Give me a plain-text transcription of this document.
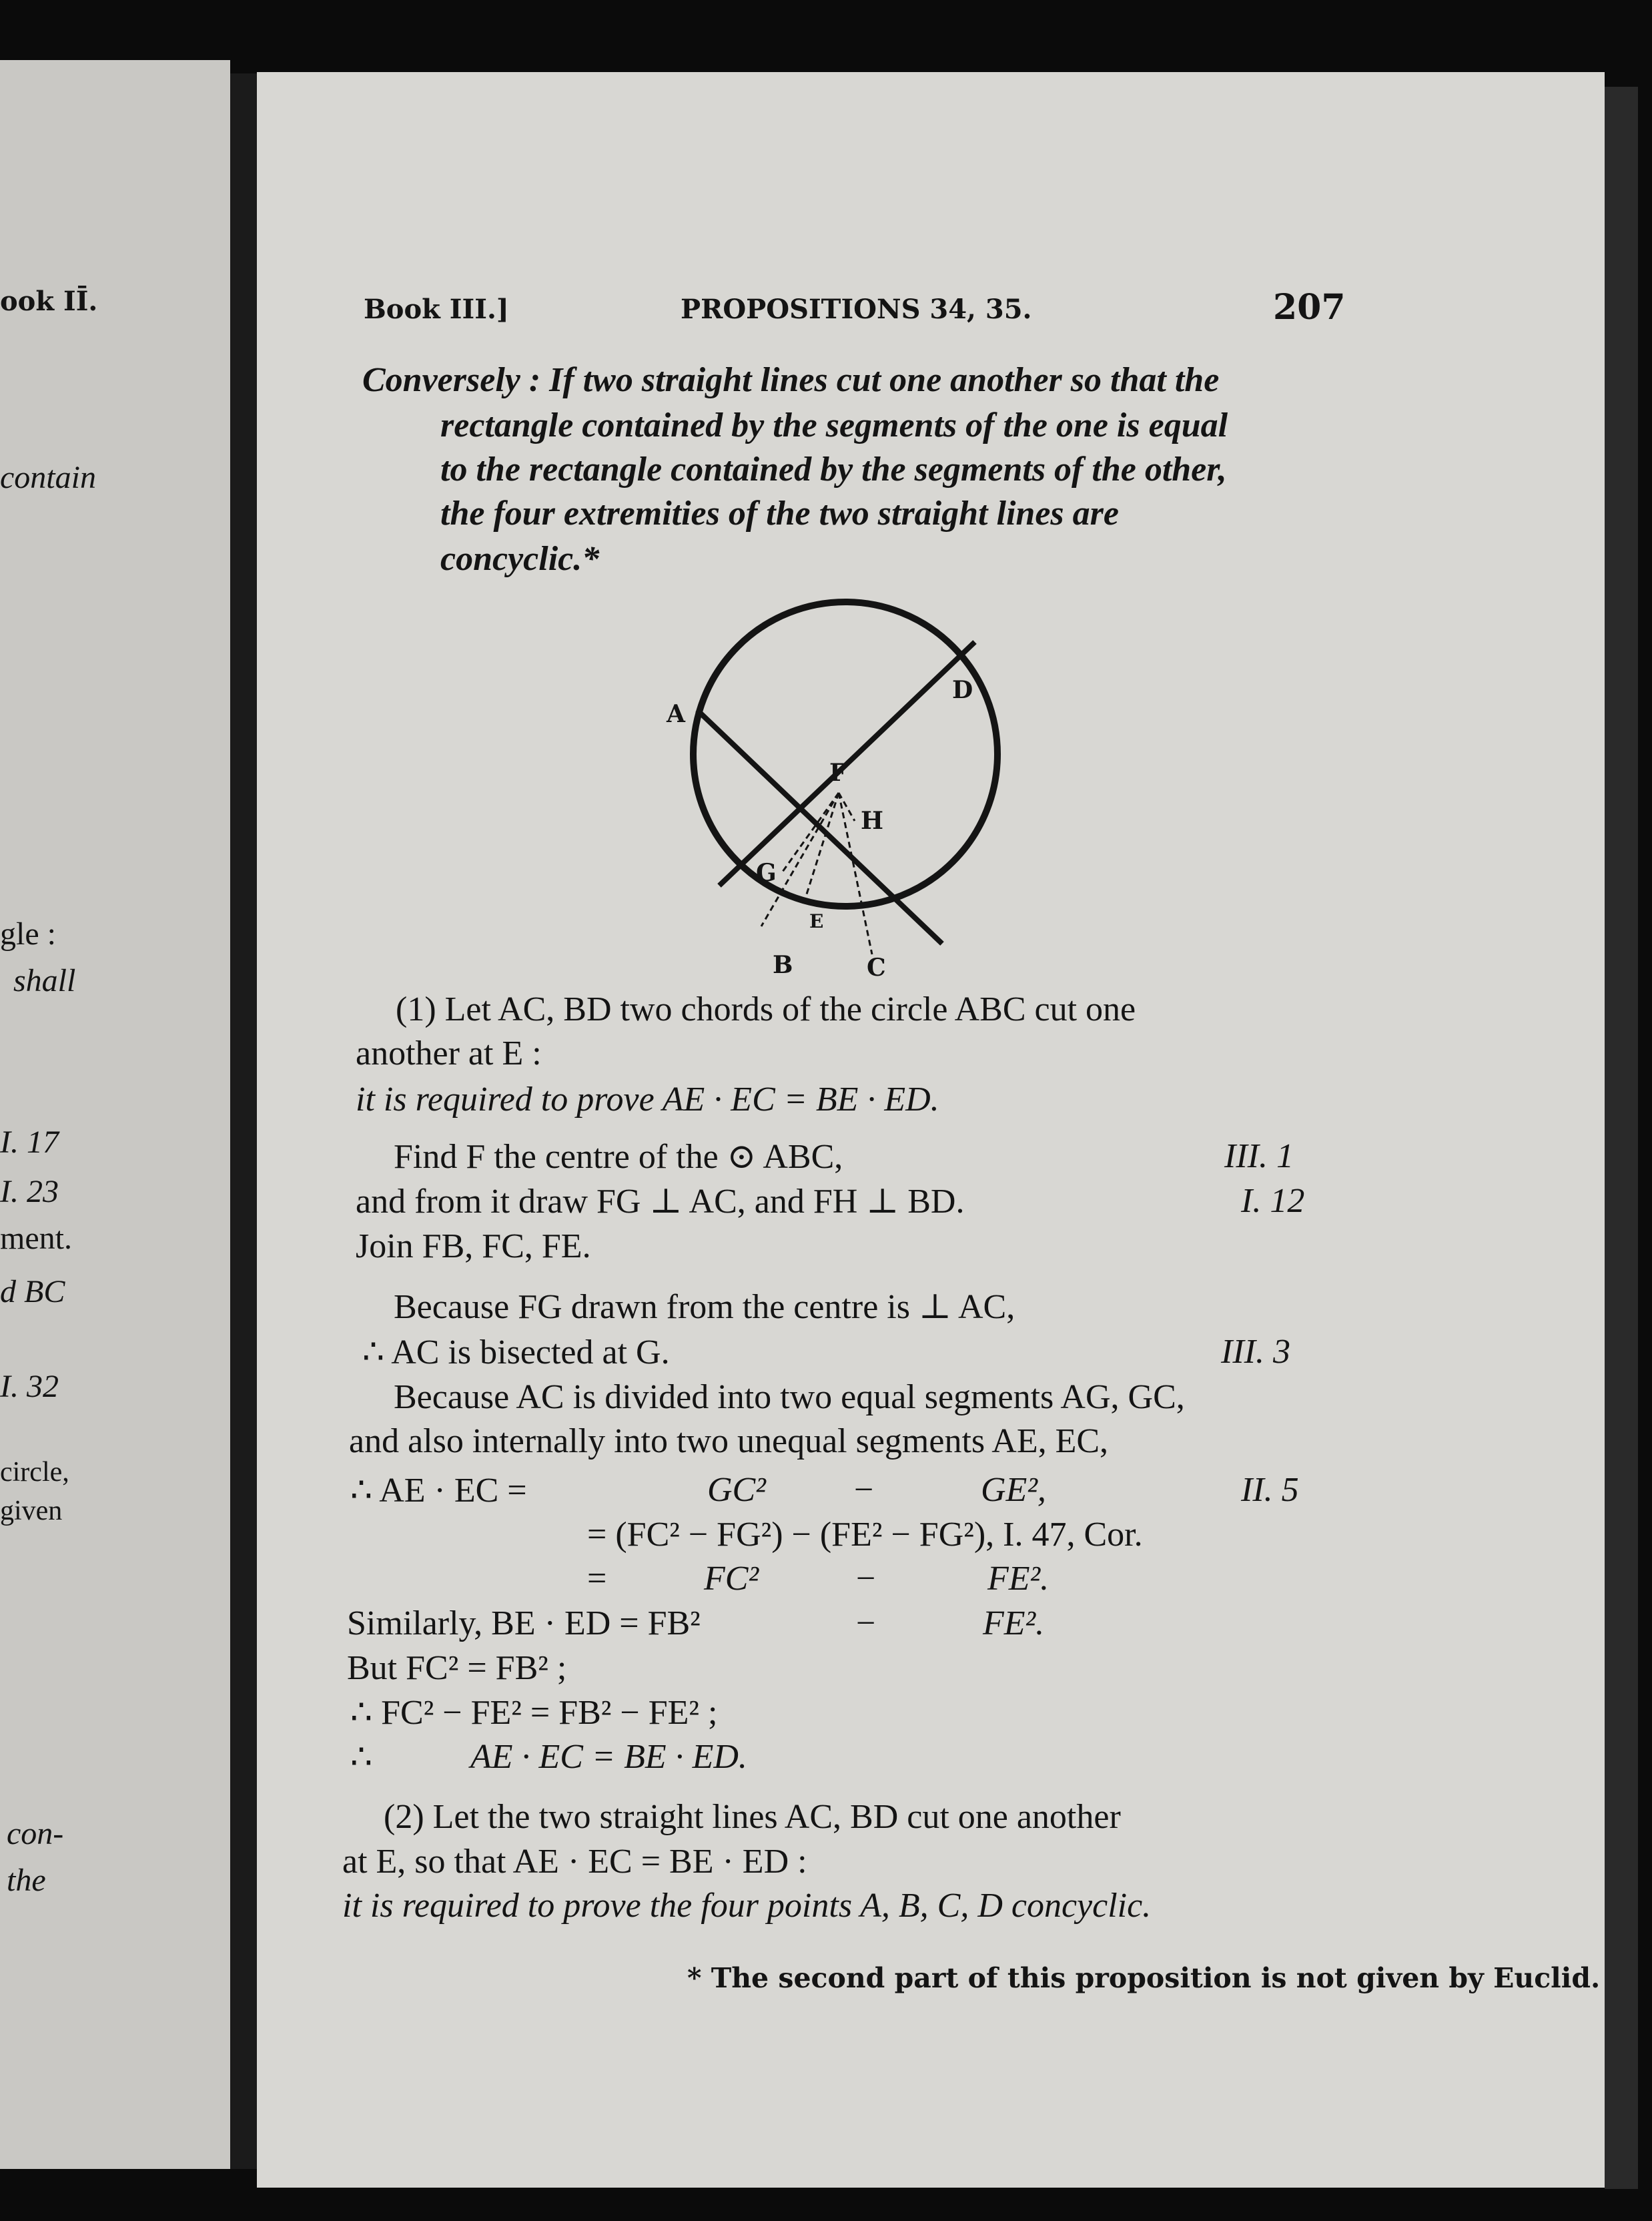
ook IĪ.
contain
gle :
shall
I. 17
I. 23
ment.
d BC
I. 32
circle,
given
con-
the
Book III.]	PROPOSITIONS 34, 35.	207
Conversely : If two straight lines cut one another so that the
rectangle contained by the segments of the one is equal
to the rectangle contained by the segments of the other,
the four extremities of the two straight lines are
concyclic.*
A
B	C
D
E
F
G
H
(1) Let AC, BD two chords of the circle ABC cut one
another at E :
it is required to prove AE · EC = BE · ED.
Find F the centre of the ⊙ ABC,	III. 1
and from it draw FG ⊥ AC, and FH ⊥ BD.	I. 12
Join FB, FC, FE.
Because FG drawn from the centre is ⊥ AC,
∴ AC is bisected at G.	III. 3
Because AC is divided into two equal segments AG, GC,
and also internally into two unequal segments AE, EC,
∴ AE · EC =	GC²	−	GE²,	II. 5
= (FC² − FG²) − (FE² − FG²), I. 47, Cor.
=	FC²	−	FE².
Similarly, BE · ED = FB²	−	FE².
But FC² = FB² ;
∴ FC² − FE² = FB² − FE² ;
∴	AE · EC = BE · ED.
(2) Let the two straight lines AC, BD cut one another
at E, so that AE · EC = BE · ED :
it is required to prove the four points A, B, C, D concyclic.
* The second part of this proposition is not given by Euclid.
